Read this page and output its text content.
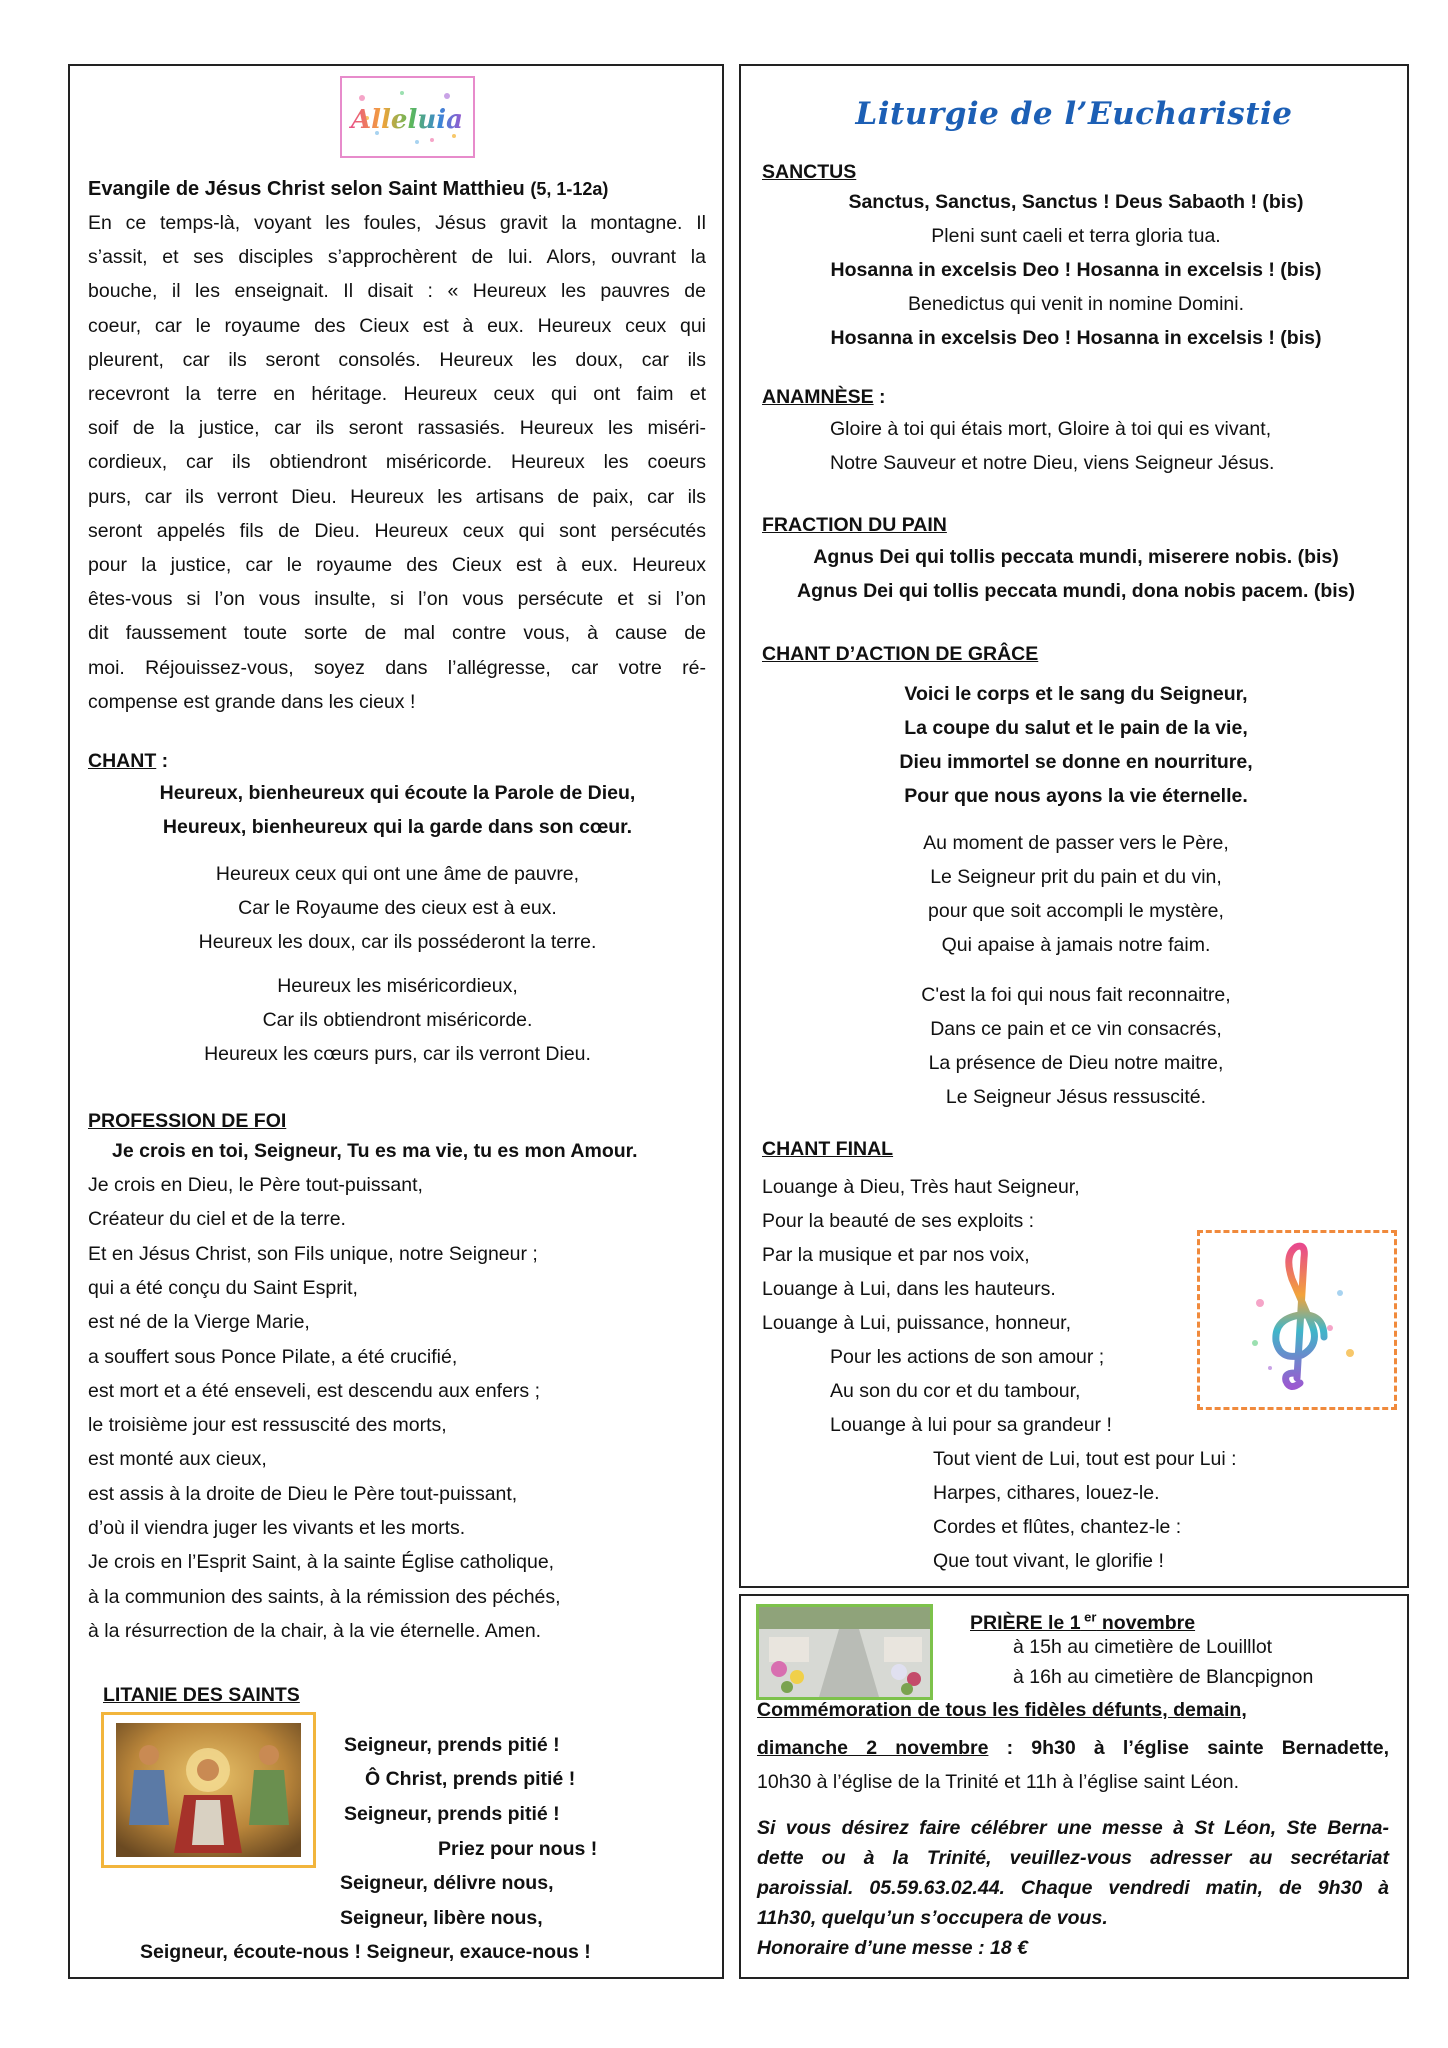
Alleluia
Evangile de Jésus Christ selon Saint Matthieu (5, 1-12a)
En ce temps-là, voyant les foules, Jésus gravit la montagne. Il
s’assit, et ses disciples s’approchèrent de lui. Alors, ouvrant la
bouche, il les enseignait. Il disait : « Heureux les pauvres de
coeur, car le royaume des Cieux est à eux. Heureux ceux qui
pleurent, car ils seront consolés. Heureux les doux, car ils
recevront la terre en héritage. Heureux ceux qui ont faim et
soif de la justice, car ils seront rassasiés. Heureux les miséri-
cordieux, car ils obtiendront miséricorde. Heureux les coeurs
purs, car ils verront Dieu. Heureux les artisans de paix, car ils
seront appelés fils de Dieu. Heureux ceux qui sont persécutés
pour la justice, car le royaume des Cieux est à eux. Heureux
êtes-vous si l’on vous insulte, si l’on vous persécute et si l’on
dit faussement toute sorte de mal contre vous, à cause de
moi. Réjouissez-vous, soyez dans l’allégresse, car votre ré-
compense est grande dans les cieux !
CHANT :
Heureux, bienheureux qui écoute la Parole de Dieu,
Heureux, bienheureux qui la garde dans son cœur.
Heureux ceux qui ont une âme de pauvre,
Car le Royaume des cieux est à eux.
Heureux les doux, car ils posséderont la terre.
Heureux les miséricordieux,
Car ils obtiendront miséricorde.
Heureux les cœurs purs, car ils verront Dieu.
PROFESSION DE FOI
Je crois en toi, Seigneur, Tu es ma vie, tu es mon Amour.
Je crois en Dieu, le Père tout-puissant,
Créateur du ciel et de la terre.
Et en Jésus Christ, son Fils unique, notre Seigneur ;
qui a été conçu du Saint Esprit,
est né de la Vierge Marie,
a souffert sous Ponce Pilate, a été crucifié,
est mort et a été enseveli, est descendu aux enfers ;
le troisième jour est ressuscité des morts,
est monté aux cieux,
est assis à la droite de Dieu le Père tout-puissant,
d’où il viendra juger les vivants et les morts.
Je crois en l’Esprit Saint, à la sainte Église catholique,
à la communion des saints, à la rémission des péchés,
à la résurrection de la chair, à la vie éternelle. Amen.
LITANIE DES SAINTS
Seigneur, prends pitié !
Ô Christ, prends pitié !
Seigneur, prends pitié !
Priez pour nous !
Seigneur, délivre nous,
Seigneur, libère nous,
Seigneur, écoute-nous ! Seigneur, exauce-nous !
Liturgie de l’Eucharistie
SANCTUS
Sanctus, Sanctus, Sanctus ! Deus Sabaoth ! (bis)
Pleni sunt caeli et terra gloria tua.
Hosanna in excelsis Deo ! Hosanna in excelsis ! (bis)
Benedictus qui venit in nomine Domini.
Hosanna in excelsis Deo ! Hosanna in excelsis ! (bis)
ANAMNÈSE :
Gloire à toi qui étais mort, Gloire à toi qui es vivant,
Notre Sauveur et notre Dieu, viens Seigneur Jésus.
FRACTION DU PAIN
Agnus Dei qui tollis peccata mundi, miserere nobis. (bis)
Agnus Dei qui tollis peccata mundi, dona nobis pacem. (bis)
CHANT D’ACTION DE GRÂCE
Voici le corps et le sang du Seigneur,
La coupe du salut et le pain de la vie,
Dieu immortel se donne en nourriture,
Pour que nous ayons la vie éternelle.
Au moment de passer vers le Père,
Le Seigneur prit du pain et du vin,
pour que soit accompli le mystère,
Qui apaise à jamais notre faim.
C'est la foi qui nous fait reconnaitre,
Dans ce pain et ce vin consacrés,
La présence de Dieu notre maitre,
Le Seigneur Jésus ressuscité.
CHANT FINAL
Louange à Dieu, Très haut Seigneur,
Pour la beauté de ses exploits :
Par la musique et par nos voix,
Louange à Lui, dans les hauteurs.
Louange à Lui, puissance, honneur,
Pour les actions de son amour ;
Au son du cor et du tambour,
Louange à lui pour sa grandeur !
Tout vient de Lui, tout est pour Lui :
Harpes, cithares, louez-le.
Cordes et flûtes, chantez-le :
Que tout vivant, le glorifie !
PRIÈRE le 1 $^{er}$ novembre
à 15h au cimetière de Louilllot
à 16h au cimetière de Blancpignon
Commémoration de tous les fidèles défunts, demain,
dimanche 2 novembre : 9h30 à l’église sainte Bernadette,
10h30 à l’église de la Trinité et 11h à l’église saint Léon.
Si vous désirez faire célébrer une messe à St Léon, Ste Berna-
dette ou à la Trinité, veuillez-vous adresser au secrétariat
paroissial. 05.59.63.02.44. Chaque vendredi matin, de 9h30 à
11h30, quelqu’un s’occupera de vous.
Honoraire d’une messe : 18 €
